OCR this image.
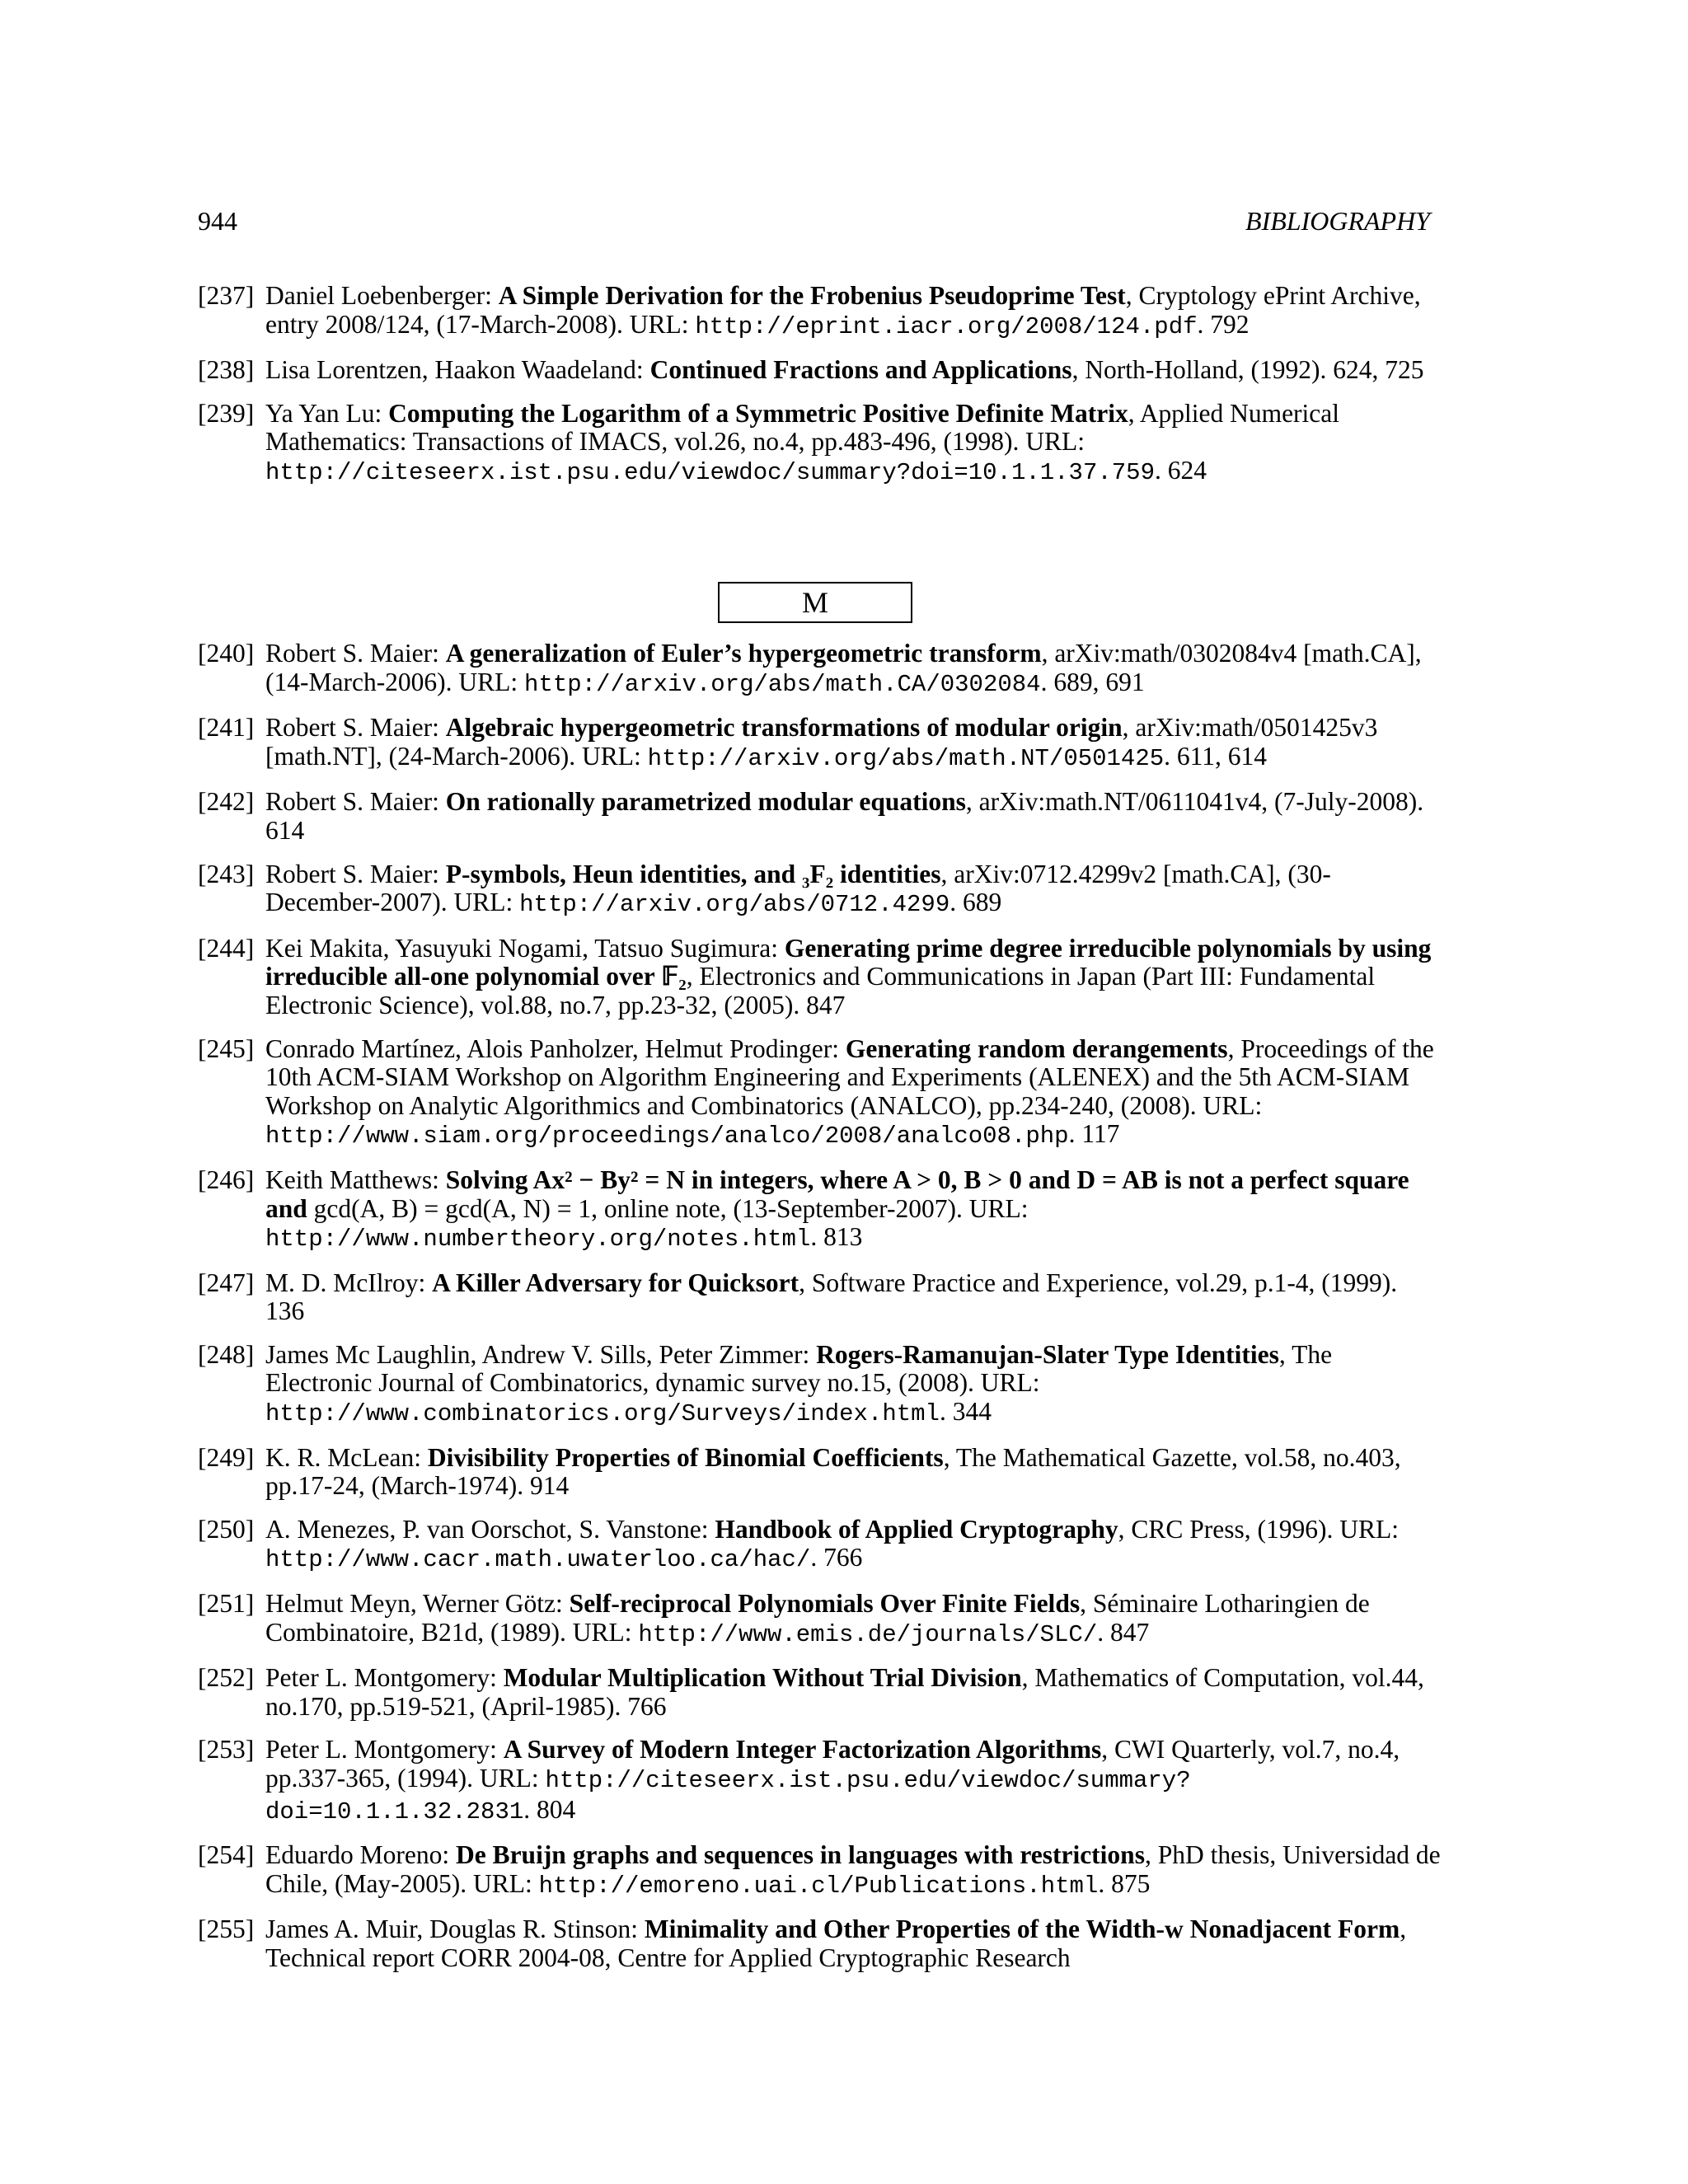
944	BIBLIOGRAPHY
[237] Daniel Loebenberger: A Simple Derivation for the Frobenius Pseudoprime Test, Cryptology ePrint Archive, entry 2008/124, (17-March-2008). URL: http://eprint.iacr.org/2008/124.pdf. 792
[238] Lisa Lorentzen, Haakon Waadeland: Continued Fractions and Applications, North-Holland, (1992). 624, 725
[239] Ya Yan Lu: Computing the Logarithm of a Symmetric Positive Definite Matrix, Applied Numerical Mathematics: Transactions of IMACS, vol.26, no.4, pp.483-496, (1998). URL: http://citeseerx.ist.psu.edu/viewdoc/summary?doi=10.1.1.37.759. 624
M
[240] Robert S. Maier: A generalization of Euler’s hypergeometric transform, arXiv:math/0302084v4 [math.CA], (14-March-2006). URL: http://arxiv.org/abs/math.CA/0302084. 689, 691
[241] Robert S. Maier: Algebraic hypergeometric transformations of modular origin, arXiv:math/0501425v3 [math.NT], (24-March-2006). URL: http://arxiv.org/abs/math.NT/0501425. 611, 614
[242] Robert S. Maier: On rationally parametrized modular equations, arXiv:math.NT/0611041v4, (7-July-2008). 614
[243] Robert S. Maier: P-symbols, Heun identities, and ₃F₂ identities, arXiv:0712.4299v2 [math.CA], (30-December-2007). URL: http://arxiv.org/abs/0712.4299. 689
[244] Kei Makita, Yasuyuki Nogami, Tatsuo Sugimura: Generating prime degree irreducible polynomials by using irreducible all-one polynomial over 𝔽₂, Electronics and Communications in Japan (Part III: Fundamental Electronic Science), vol.88, no.7, pp.23-32, (2005). 847
[245] Conrado Martínez, Alois Panholzer, Helmut Prodinger: Generating random derangements, Proceedings of the 10th ACM-SIAM Workshop on Algorithm Engineering and Experiments (ALENEX) and the 5th ACM-SIAM Workshop on Analytic Algorithmics and Combinatorics (ANALCO), pp.234-240, (2008). URL: http://www.siam.org/proceedings/analco/2008/analco08.php. 117
[246] Keith Matthews: Solving Ax² − By² = N in integers, where A > 0, B > 0 and D = AB is not a perfect square and gcd(A, B) = gcd(A, N) = 1, online note, (13-September-2007). URL: http://www.numbertheory.org/notes.html. 813
[247] M. D. McIlroy: A Killer Adversary for Quicksort, Software Practice and Experience, vol.29, p.1-4, (1999). 136
[248] James Mc Laughlin, Andrew V. Sills, Peter Zimmer: Rogers-Ramanujan-Slater Type Identities, The Electronic Journal of Combinatorics, dynamic survey no.15, (2008). URL: http://www.combinatorics.org/Surveys/index.html. 344
[249] K. R. McLean: Divisibility Properties of Binomial Coefficients, The Mathematical Gazette, vol.58, no.403, pp.17-24, (March-1974). 914
[250] A. Menezes, P. van Oorschot, S. Vanstone: Handbook of Applied Cryptography, CRC Press, (1996). URL: http://www.cacr.math.uwaterloo.ca/hac/. 766
[251] Helmut Meyn, Werner Götz: Self-reciprocal Polynomials Over Finite Fields, Séminaire Lotharingien de Combinatoire, B21d, (1989). URL: http://www.emis.de/journals/SLC/. 847
[252] Peter L. Montgomery: Modular Multiplication Without Trial Division, Mathematics of Computation, vol.44, no.170, pp.519-521, (April-1985). 766
[253] Peter L. Montgomery: A Survey of Modern Integer Factorization Algorithms, CWI Quarterly, vol.7, no.4, pp.337-365, (1994). URL: http://citeseerx.ist.psu.edu/viewdoc/summary?doi=10.1.1.32.2831. 804
[254] Eduardo Moreno: De Bruijn graphs and sequences in languages with restrictions, PhD thesis, Universidad de Chile, (May-2005). URL: http://emoreno.uai.cl/Publications.html. 875
[255] James A. Muir, Douglas R. Stinson: Minimality and Other Properties of the Width-w Nonadjacent Form, Technical report CORR 2004-08, Centre for Applied Cryptographic Research
